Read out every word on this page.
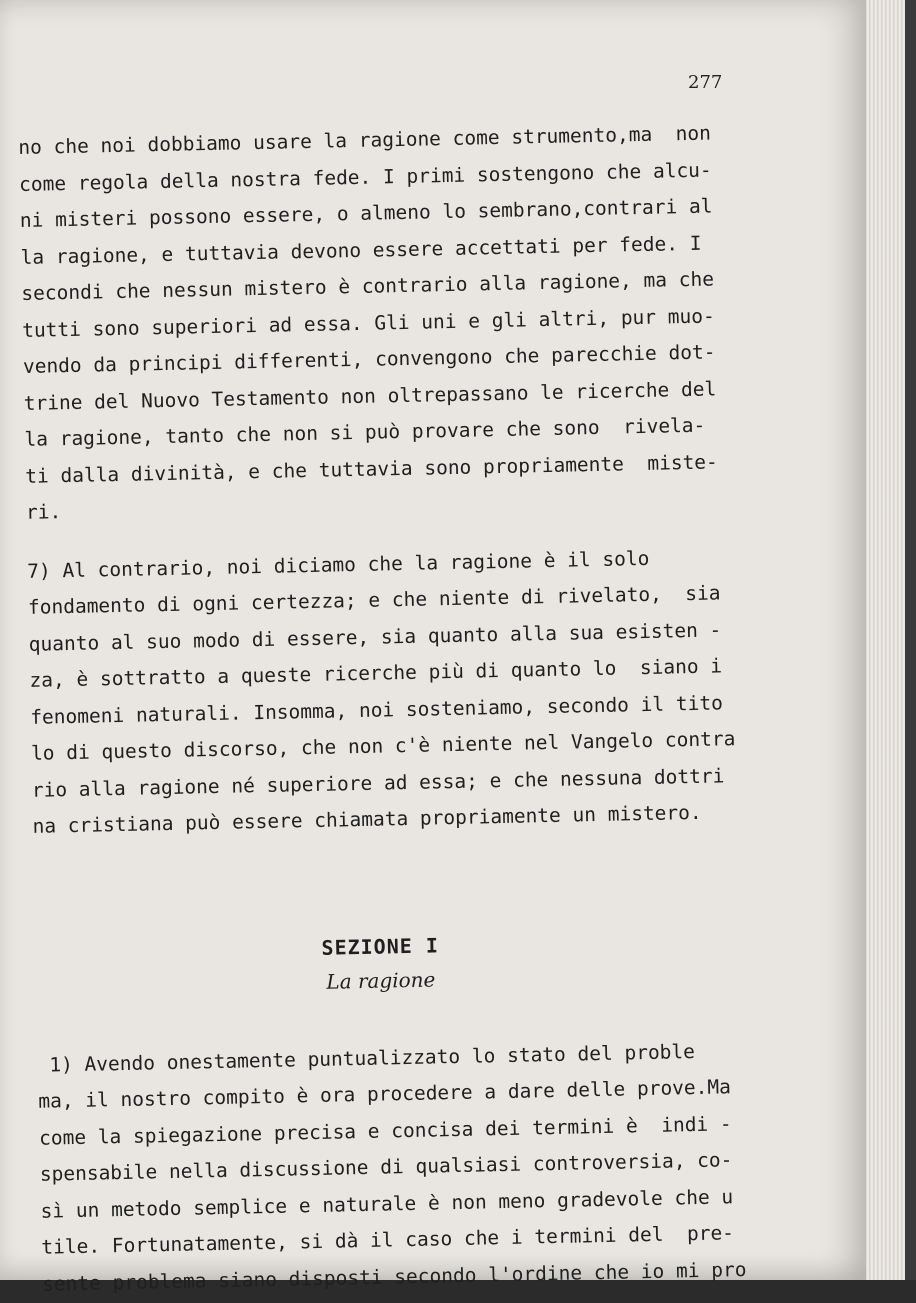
277
no che noi dobbiamo usare la ragione come strumento,ma  non
come regola della nostra fede. I primi sostengono che alcu-
ni misteri possono essere, o almeno lo sembrano,contrari al
la ragione, e tuttavia devono essere accettati per fede. I
secondi che nessun mistero è contrario alla ragione, ma che
tutti sono superiori ad essa. Gli uni e gli altri, pur muo-
vendo da principi differenti, convengono che parecchie dot-
trine del Nuovo Testamento non oltrepassano le ricerche del
la ragione, tanto che non si può provare che sono  rivela-
ti dalla divinità, e che tuttavia sono propriamente  miste-
ri.
7) Al contrario, noi diciamo che la ragione è il solo
fondamento di ogni certezza; e che niente di rivelato,  sia
quanto al suo modo di essere, sia quanto alla sua esisten -
za, è sottratto a queste ricerche più di quanto lo  siano i
fenomeni naturali. Insomma, noi sosteniamo, secondo il tito
lo di questo discorso, che non c'è niente nel Vangelo contra
rio alla ragione né superiore ad essa; e che nessuna dottri
na cristiana può essere chiamata propriamente un mistero.
SEZIONE I
La ragione
1) Avendo onestamente puntualizzato lo stato del proble
ma, il nostro compito è ora procedere a dare delle prove.Ma
come la spiegazione precisa e concisa dei termini è  indi -
spensabile nella discussione di qualsiasi controversia, co-
sì un metodo semplice e naturale è non meno gradevole che u
tile. Fortunatamente, si dà il caso che i termini del  pre-
sente problema siano disposti secondo l'ordine che io mi pro
